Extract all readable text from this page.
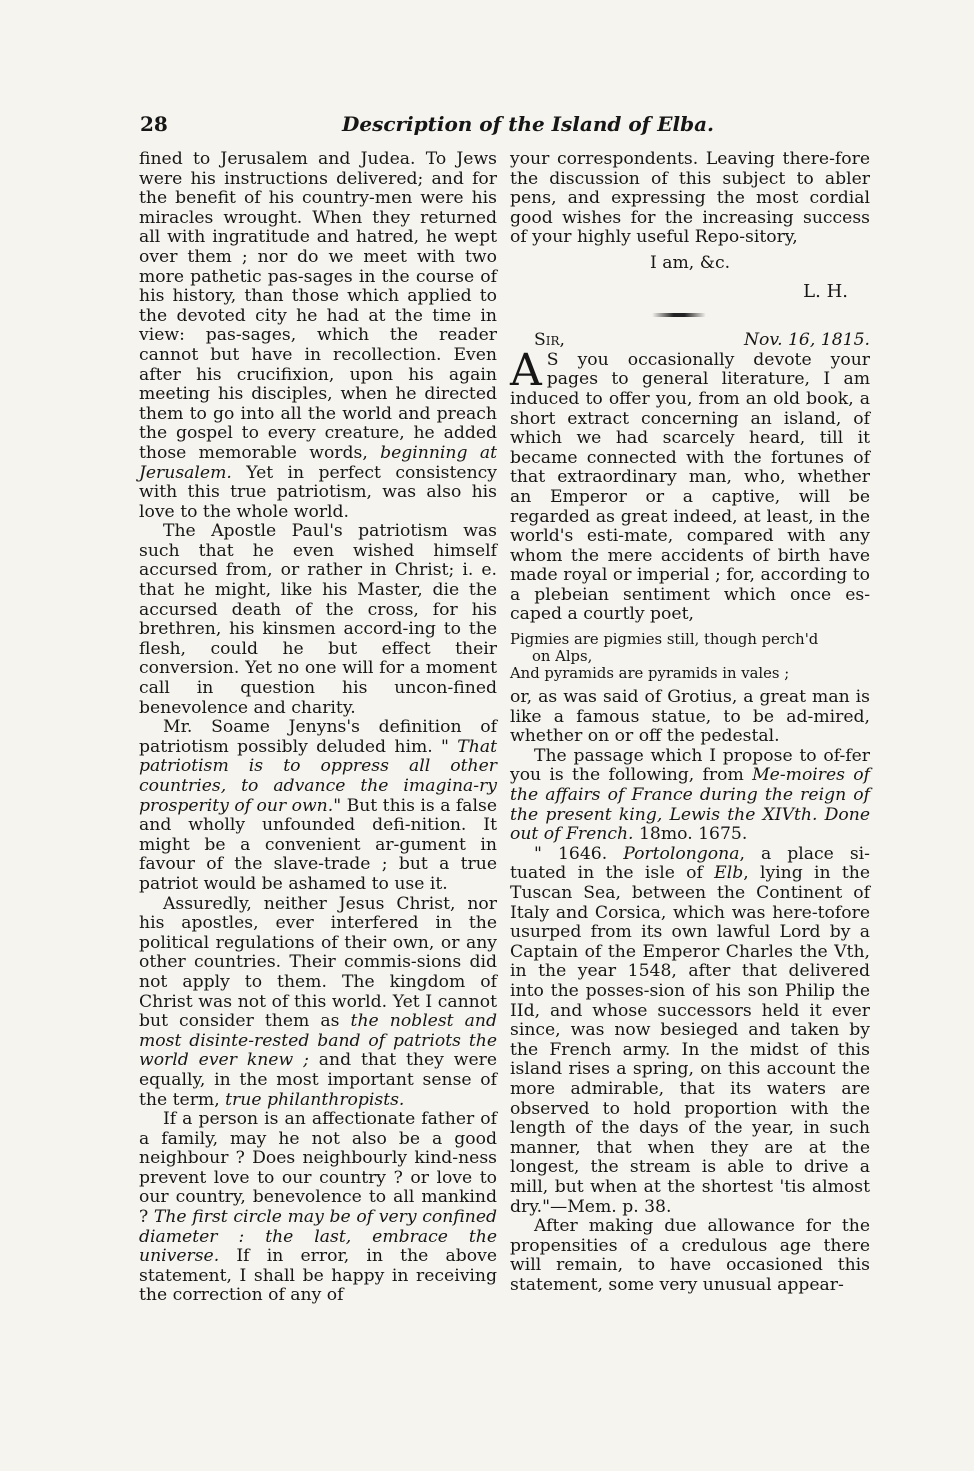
28	Description of the Island of Elba.

fined to Jerusalem and Judea. To Jews were his instructions delivered; and for the benefit of his country-men were his miracles wrought. When they returned all with ingratitude and hatred, he wept over them ; nor do we meet with two more pathetic pas-sages in the course of his history, than those which applied to the devoted city he had at the time in view: pas-sages, which the reader cannot but have in recollection. Even after his crucifixion, upon his again meeting his disciples, when he directed them to go into all the world and preach the gospel to every creature, he added those memorable words, beginning at Jerusalem. Yet in perfect consistency with this true patriotism, was also his love to the whole world.

The Apostle Paul's patriotism was such that he even wished himself accursed from, or rather in Christ; i. e. that he might, like his Master, die the accursed death of the cross, for his brethren, his kinsmen accord-ing to the flesh, could he but effect their conversion. Yet no one will for a moment call in question his uncon-fined benevolence and charity.

Mr. Soame Jenyns's definition of patriotism possibly deluded him. " That patriotism is to oppress all other countries, to advance the imagina-ry prosperity of our own." But this is a false and wholly unfounded defi-nition. It might be a convenient ar-gument in favour of the slave-trade ; but a true patriot would be ashamed to use it.

Assuredly, neither Jesus Christ, nor his apostles, ever interfered in the political regulations of their own, or any other countries. Their commis-sions did not apply to them. The kingdom of Christ was not of this world. Yet I cannot but consider them as the noblest and most disinte-rested band of patriots the world ever knew ; and that they were equally, in the most important sense of the term, true philanthropists.

If a person is an affectionate father of a family, may he not also be a good neighbour ? Does neighbourly kind-ness prevent love to our country ? or love to our country, benevolence to all mankind ? The first circle may be of very confined diameter : the last, embrace the universe. If in error, in the above statement, I shall be happy in receiving the correction of any of

your correspondents. Leaving there-fore the discussion of this subject to abler pens, and expressing the most cordial good wishes for the increasing success of your highly useful Repo-sitory,

I am, &c.

L. H.

Sir,	Nov. 16, 1815.

A S you occasionally devote your pages to general literature, I am induced to offer you, from an old book, a short extract concerning an island, of which we had scarcely heard, till it became connected with the fortunes of that extraordinary man, who, whether an Emperor or a captive, will be regarded as great indeed, at least, in the world's esti-mate, compared with any whom the mere accidents of birth have made royal or imperial ; for, according to a plebeian sentiment which once es-caped a courtly poet,

Pigmies are pigmies still, though perch'd
on Alps,
And pyramids are pyramids in vales ;

or, as was said of Grotius, a great man is like a famous statue, to be ad-mired, whether on or off the pedestal.

The passage which I propose to of-fer you is the following, from Me-moires of the affairs of France during the reign of the present king, Lewis the XIVth. Done out of French. 18mo. 1675.

" 1646. Portolongona, a place si-tuated in the isle of Elb, lying in the Tuscan Sea, between the Continent of Italy and Corsica, which was here-tofore usurped from its own lawful Lord by a Captain of the Emperor Charles the Vth, in the year 1548, after that delivered into the posses-sion of his son Philip the IId, and whose successors held it ever since, was now besieged and taken by the French army. In the midst of this island rises a spring, on this account the more admirable, that its waters are observed to hold proportion with the length of the days of the year, in such manner, that when they are at the longest, the stream is able to drive a mill, but when at the shortest 'tis almost dry."—Mem. p. 38.

After making due allowance for the propensities of a credulous age there will remain, to have occasioned this statement, some very unusual appear-
